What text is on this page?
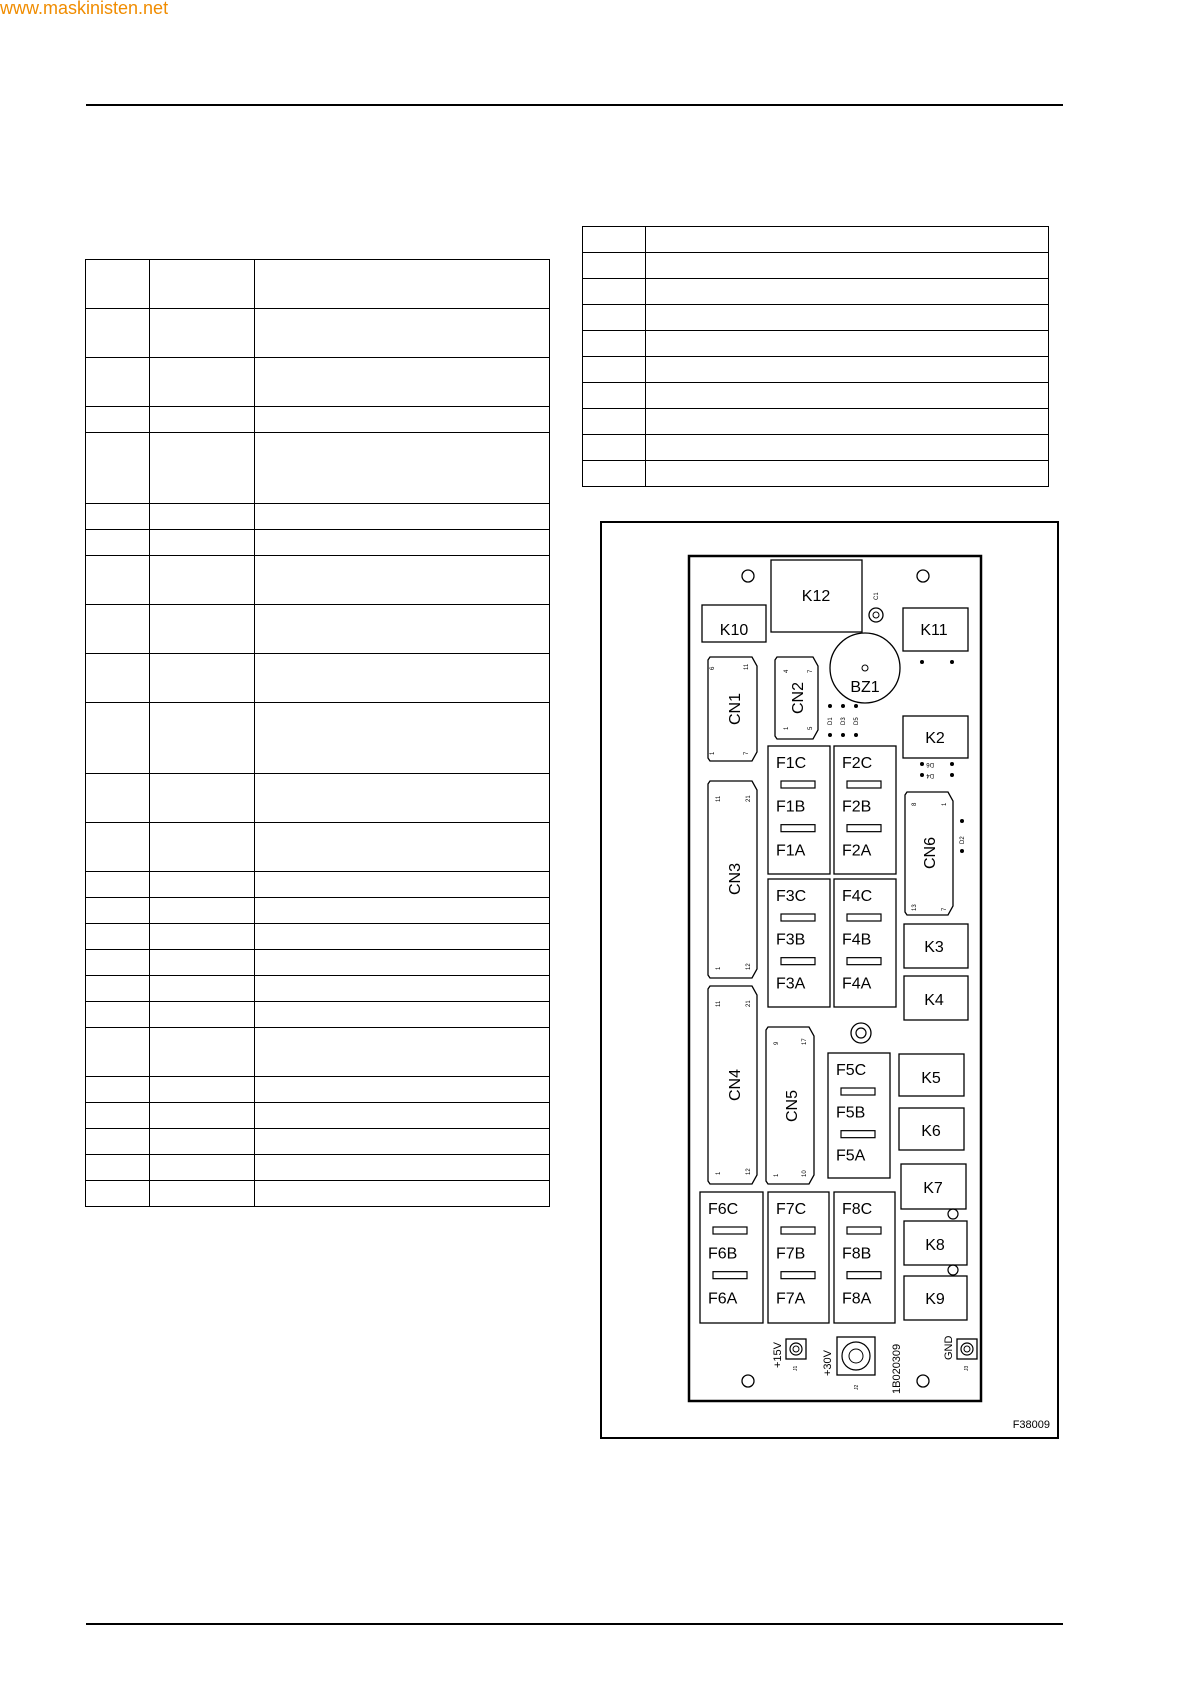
www.maskinisten.net

K12
K10	K11
K2
K3
K4
K5
K6
K7
K8
K9
C1
BZ1
D1 D3 D5
D6
D4
D2
CN1
6	11
1	7
CN2
4	7
1	5
CN3
11	21
1	12
CN4
11	21
1	12
CN5
9	17
1	10
CN6
8	1
13	7
F1C
F1B
F1A
F2C
F2B
F2A
F3C
F3B
F3A
F4C
F4B
F4A
F5C
F5B
F5A
F6C
F6B
F6A
F7C
F7B
F7A
F8C
F8B
F8A
+15V
J1 +30V
J2	1B020309	GND
J3
F38009
